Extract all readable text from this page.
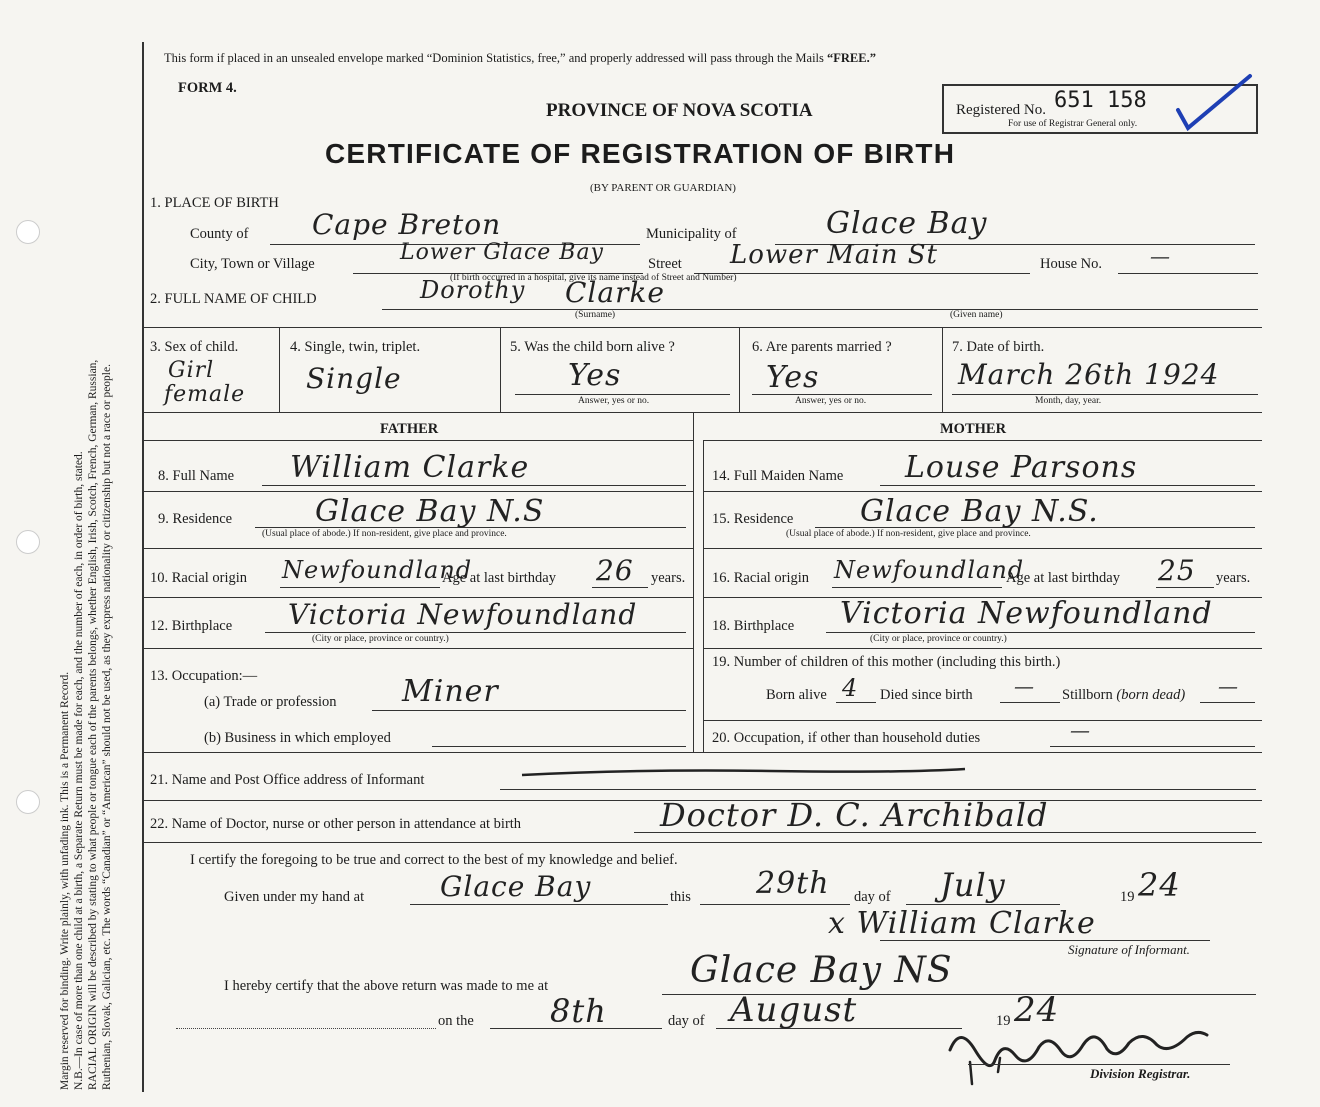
Margin reserved for binding. Write plainly, with unfading ink. This is a Permanent Record. N.B.—In case of more than one child at a birth, a Separate Return must be made for each, and the number of each, in order of birth, stated. RACIAL ORIGIN will be described by stating to what people or tongue each of the parents belongs, whether English, Irish, Scotch, French, German, Russian, Ruthenian, Slovak, Galician, etc. The words “Canadian” or “American” should not be used, as they express nationality or citizenship but not a race or people.
This form if placed in an unsealed envelope marked “Dominion Statistics, free,” and properly addressed will pass through the Mails “FREE.”
FORM 4.
PROVINCE OF NOVA SCOTIA
CERTIFICATE OF REGISTRATION OF BIRTH
(BY PARENT OR GUARDIAN)
Registered No. 651 158
For use of Registrar General only.
1. PLACE OF BIRTH
County of Cape Breton	Municipality of	Glace Bay
City, Town or Village	Lower Glace Bay	Street Lower Main St	House No. —
(If birth occurred in a hospital, give its name instead of Street and Number)
2. FULL NAME OF CHILD	Dorothy Clarke
(Surname)	(Given name)
3. Sex of child.
Girl
female
4. Single, twin, triplet.
Single
5. Was the child born alive ?
Yes
Answer, yes or no.
6. Are parents married ?
Yes
Answer, yes or no.
7. Date of birth.
March 26th 1924
Month, day, year.
FATHER	MOTHER
8. Full Name William Clarke
9. Residence	Glace Bay N.S
(Usual place of abode.) If non-resident, give place and province.
10. Racial origin Newfoundland
Age at last birthday 26 years.
12. Birthplace Victoria Newfoundland
(City or place, province or country.)
13. Occupation:—
(a) Trade or profession Miner
(b) Business in which employed
14. Full Maiden Name Louse Parsons
15. Residence Glace Bay N.S.
(Usual place of abode.) If non-resident, give place and province.
16. Racial origin Newfoundland
Age at last birthday 25 years.
18. Birthplace Victoria Newfoundland
(City or place, province or country.)
19. Number of children of this mother (including this birth.)
Born alive 4 Died since birth — Stillborn (born dead) —
20. Occupation, if other than household duties	—
21. Name and Post Office address of Informant
22. Name of Doctor, nurse or other person in attendance at birth	Doctor D. C. Archibald
I certify the foregoing to be true and correct to the best of my knowledge and belief.
Given under my hand at	Glace Bay	this 29th day of July	19 24
x William Clarke
Signature of Informant.
I hereby certify that the above return was made to me at	Glace Bay NS
on the 8th	day of August	19 24
Division Registrar.
